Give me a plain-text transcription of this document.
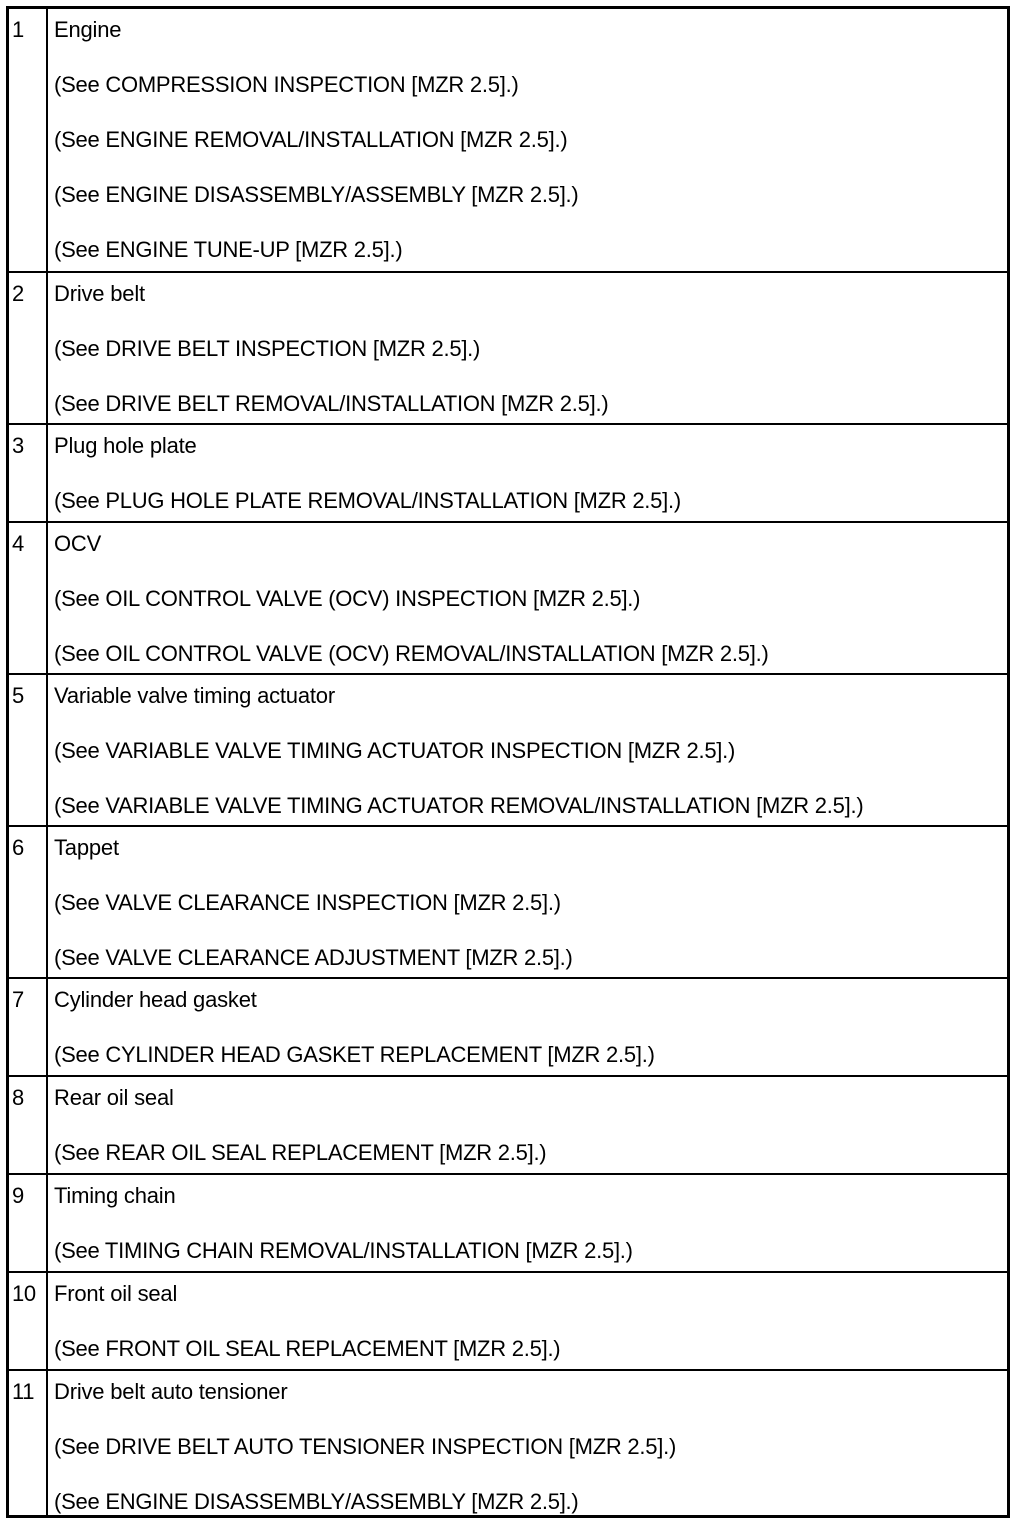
1	Engine
(See COMPRESSION INSPECTION [MZR 2.5].)
(See ENGINE REMOVAL/INSTALLATION [MZR 2.5].)
(See ENGINE DISASSEMBLY/ASSEMBLY [MZR 2.5].)
(See ENGINE TUNE-UP [MZR 2.5].)
2	Drive belt
(See DRIVE BELT INSPECTION [MZR 2.5].)
(See DRIVE BELT REMOVAL/INSTALLATION [MZR 2.5].)
3	Plug hole plate
(See PLUG HOLE PLATE REMOVAL/INSTALLATION [MZR 2.5].)
4	OCV
(See OIL CONTROL VALVE (OCV) INSPECTION [MZR 2.5].)
(See OIL CONTROL VALVE (OCV) REMOVAL/INSTALLATION [MZR 2.5].)
5	Variable valve timing actuator
(See VARIABLE VALVE TIMING ACTUATOR INSPECTION [MZR 2.5].)
(See VARIABLE VALVE TIMING ACTUATOR REMOVAL/INSTALLATION [MZR 2.5].)
6	Tappet
(See VALVE CLEARANCE INSPECTION [MZR 2.5].)
(See VALVE CLEARANCE ADJUSTMENT [MZR 2.5].)
7	Cylinder head gasket
(See CYLINDER HEAD GASKET REPLACEMENT [MZR 2.5].)
8	Rear oil seal
(See REAR OIL SEAL REPLACEMENT [MZR 2.5].)
9	Timing chain
(See TIMING CHAIN REMOVAL/INSTALLATION [MZR 2.5].)
10 Front oil seal
(See FRONT OIL SEAL REPLACEMENT [MZR 2.5].)
11 Drive belt auto tensioner
(See DRIVE BELT AUTO TENSIONER INSPECTION [MZR 2.5].)
(See ENGINE DISASSEMBLY/ASSEMBLY [MZR 2.5].)
